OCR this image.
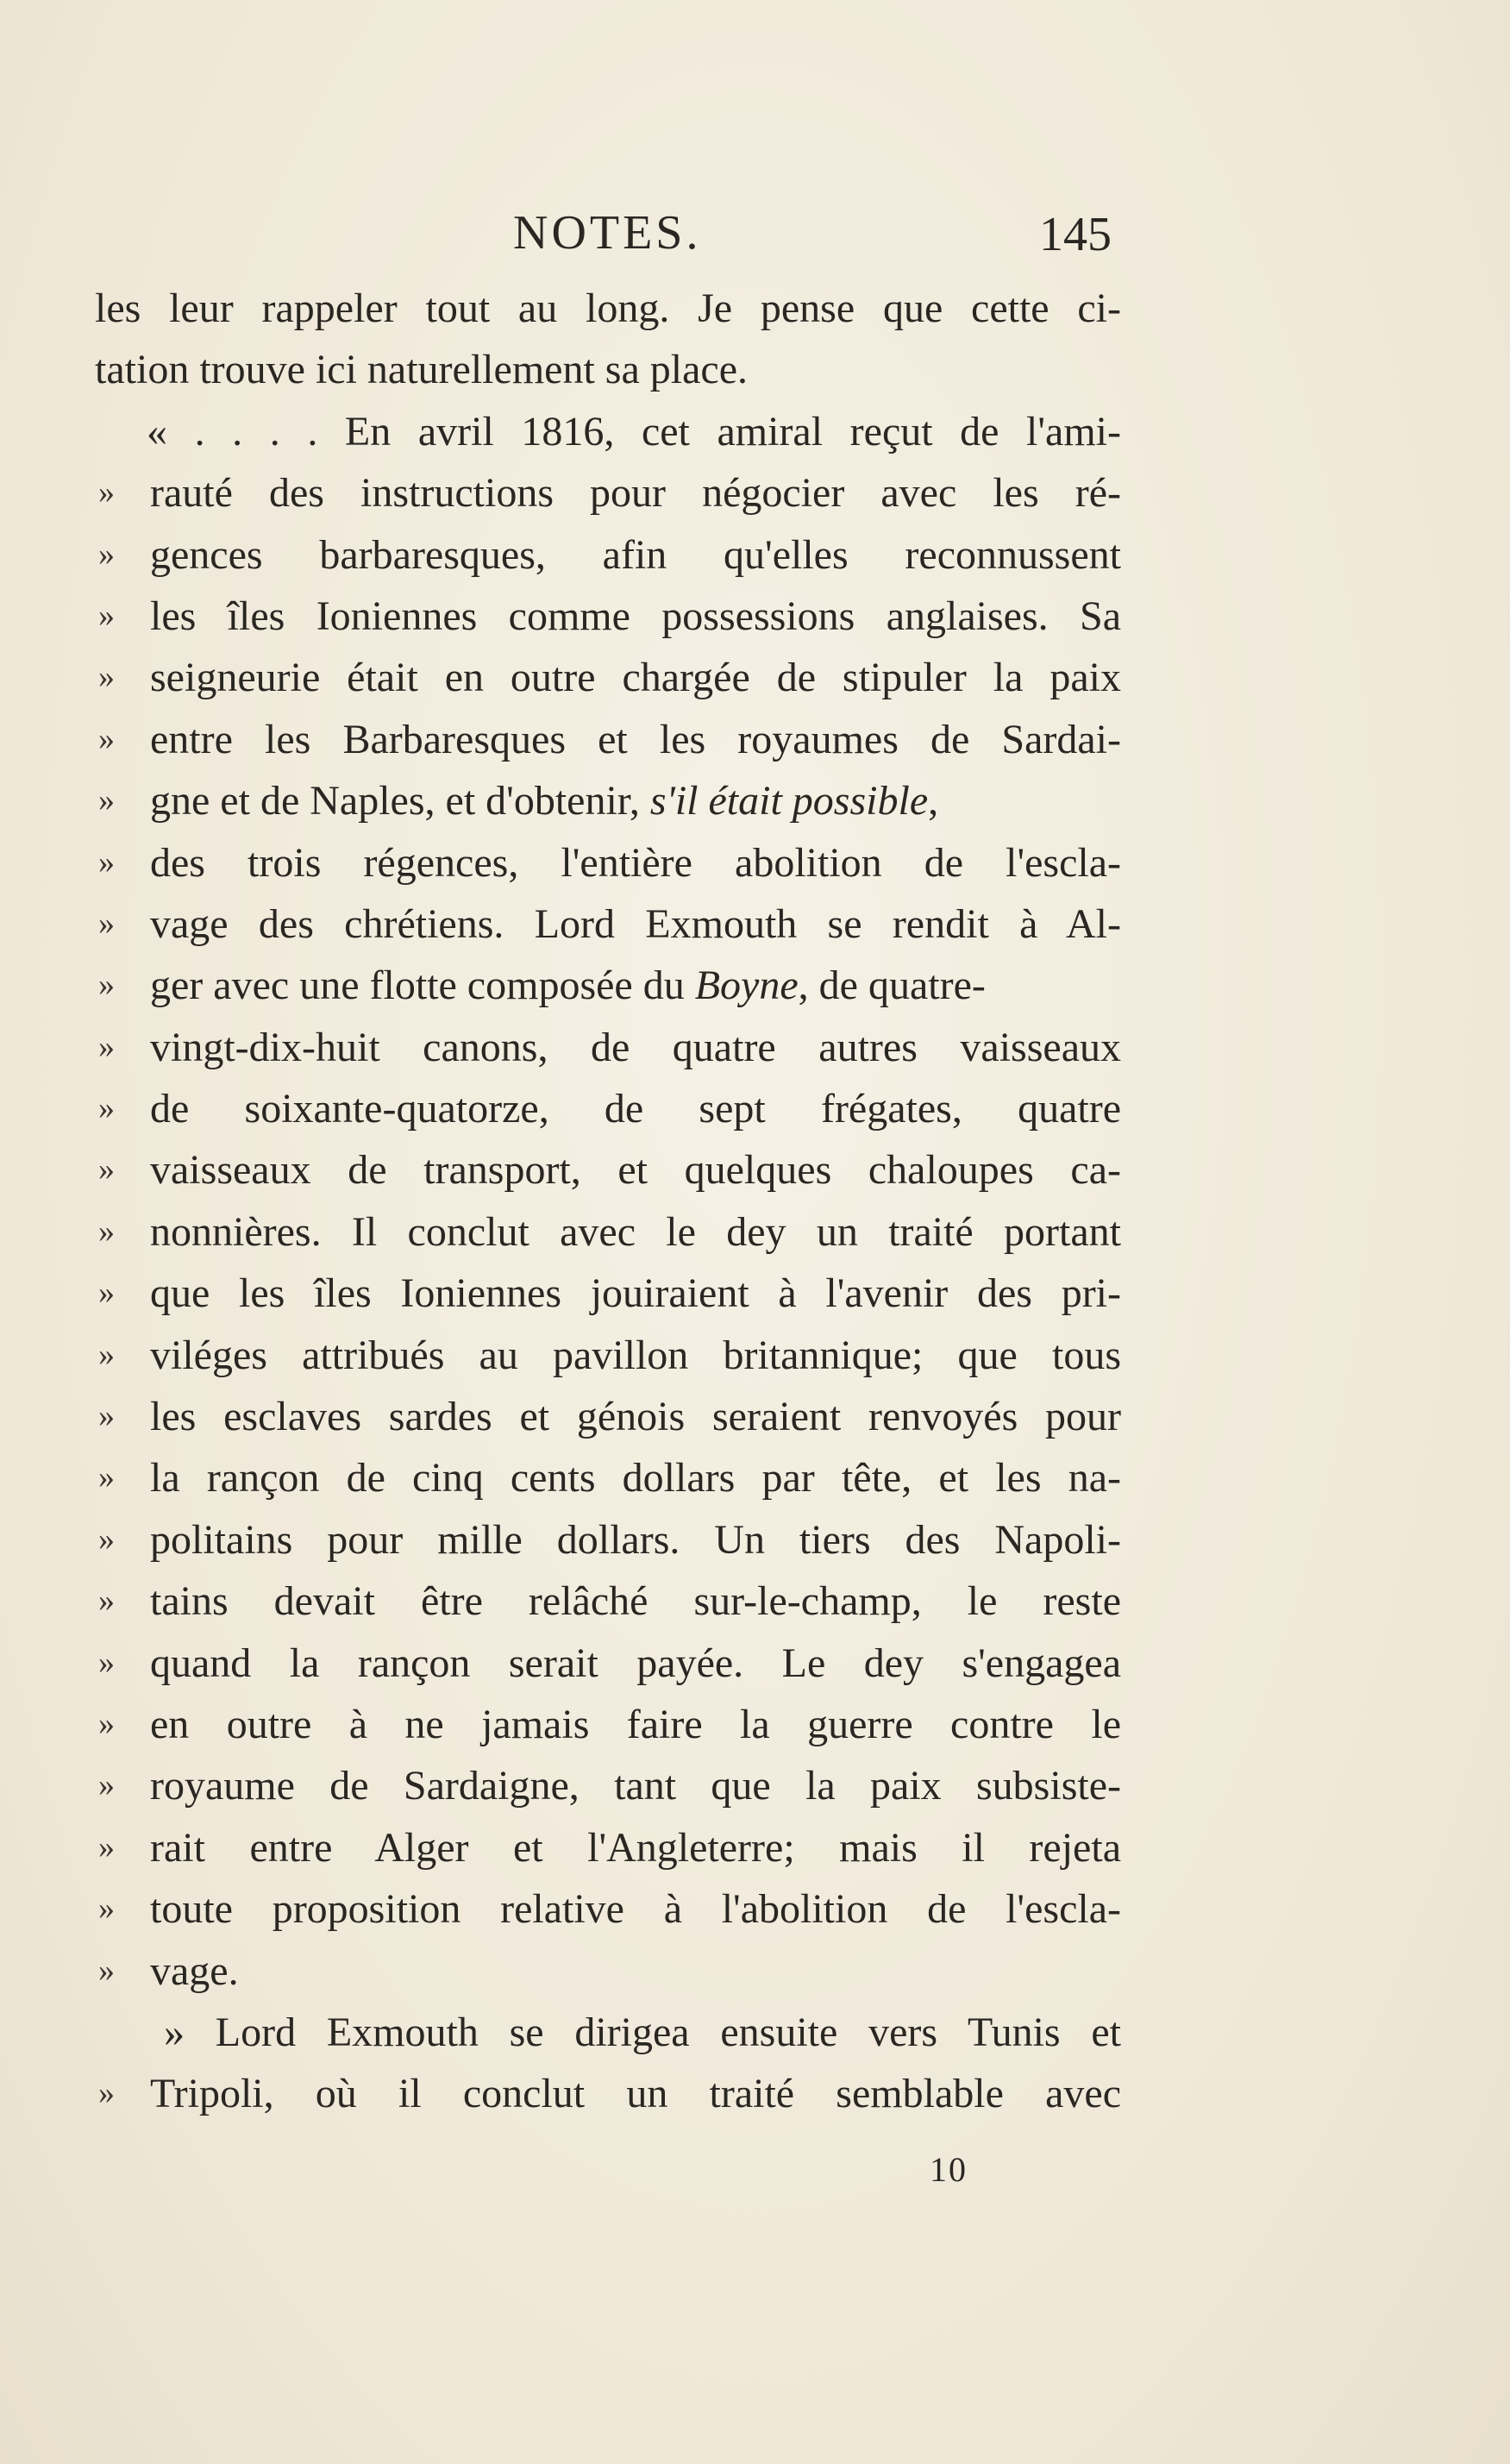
NOTES.	145
les leur rappeler tout au long. Je pense que cette ci-
tation trouve ici naturellement sa place.
« . . . . En avril 1816, cet amiral reçut de l'ami-
» rauté des instructions pour négocier avec les ré-
» gences barbaresques, afin qu'elles reconnussent
» les îles Ioniennes comme possessions anglaises. Sa
» seigneurie était en outre chargée de stipuler la paix
» entre les Barbaresques et les royaumes de Sardai-
» gne et de Naples, et d'obtenir, s'il était possible,
» des trois régences, l'entière abolition de l'escla-
» vage des chrétiens. Lord Exmouth se rendit à Al-
» ger avec une flotte composée du Boyne, de quatre-
» vingt-dix-huit canons, de quatre autres vaisseaux
» de soixante-quatorze, de sept frégates, quatre
» vaisseaux de transport, et quelques chaloupes ca-
» nonnières. Il conclut avec le dey un traité portant
» que les îles Ioniennes jouiraient à l'avenir des pri-
» viléges attribués au pavillon britannique; que tous
» les esclaves sardes et génois seraient renvoyés pour
» la rançon de cinq cents dollars par tête, et les na-
» politains pour mille dollars. Un tiers des Napoli-
» tains devait être relâché sur-le-champ, le reste
» quand la rançon serait payée. Le dey s'engagea
» en outre à ne jamais faire la guerre contre le
» royaume de Sardaigne, tant que la paix subsiste-
» rait entre Alger et l'Angleterre; mais il rejeta
» toute proposition relative à l'abolition de l'escla-
» vage.
» Lord Exmouth se dirigea ensuite vers Tunis et
» Tripoli, où il conclut un traité semblable avec
10
